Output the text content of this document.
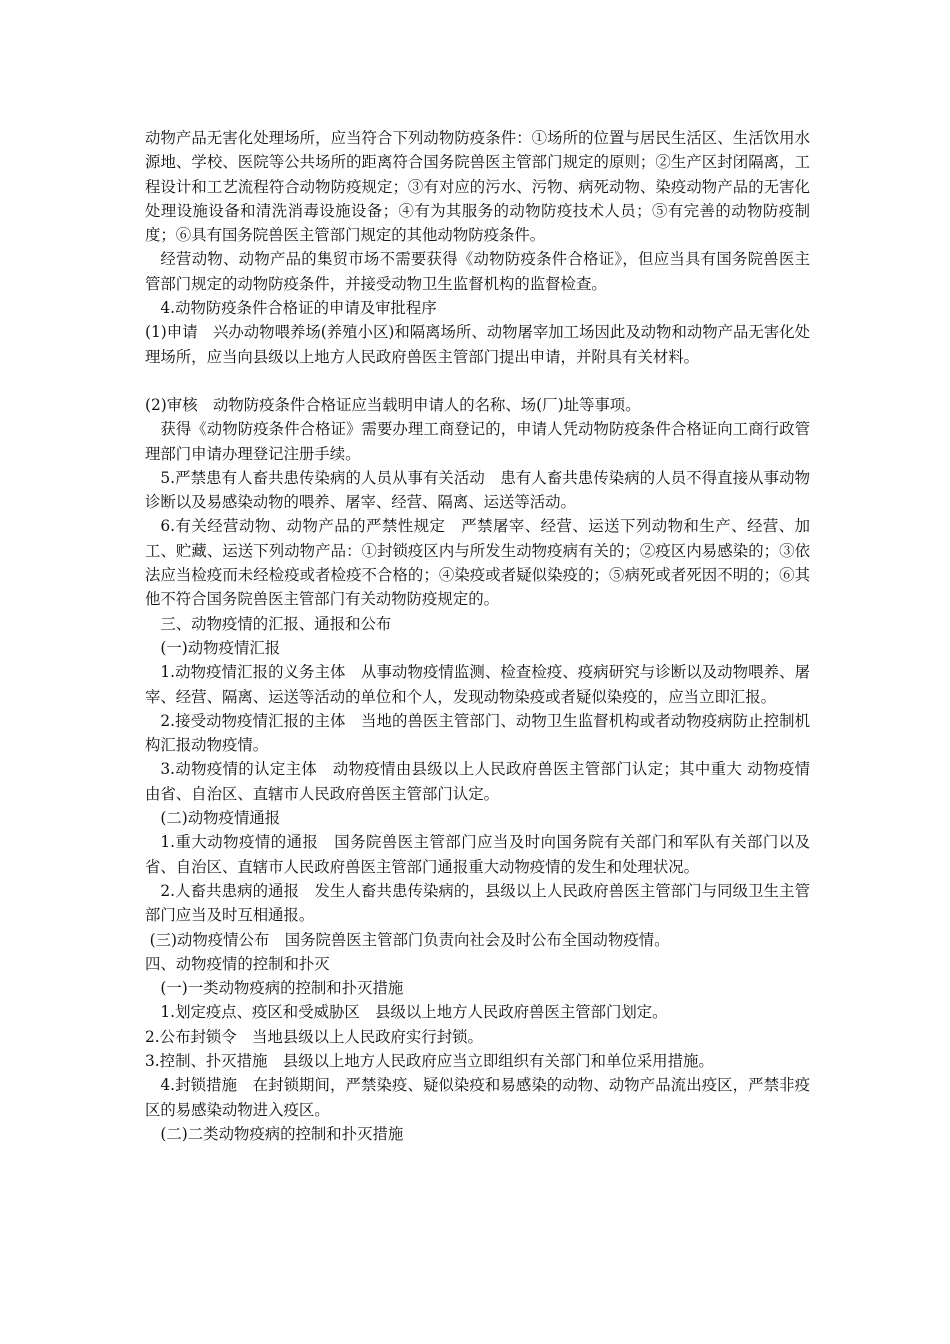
动物产品无害化处理场所，应当符合下列动物防疫条件：①场所的位置与居民生活区、生活饮用水源地、学校、医院等公共场所的距离符合国务院兽医主管部门规定的原则；②生产区封闭隔离，工程设计和工艺流程符合动物防疫规定；③有对应的污水、污物、病死动物、染疫动物产品的无害化处理设施设备和清洗消毒设施设备；④有为其服务的动物防疫技术人员；⑤有完善的动物防疫制度；⑥具有国务院兽医主管部门规定的其他动物防疫条件。

经营动物、动物产品的集贸市场不需要获得《动物防疫条件合格证》，但应当具有国务院兽医主管部门规定的动物防疫条件，并接受动物卫生监督机构的监督检查。

4.动物防疫条件合格证的申请及审批程序

(1)申请　兴办动物喂养场(养殖小区)和隔离场所、动物屠宰加工场因此及动物和动物产品无害化处理场所，应当向县级以上地方人民政府兽医主管部门提出申请，并附具有关材料。

(2)审核　动物防疫条件合格证应当载明申请人的名称、场(厂)址等事项。

获得《动物防疫条件合格证》需要办理工商登记的，申请人凭动物防疫条件合格证向工商行政管理部门申请办理登记注册手续。

5.严禁患有人畜共患传染病的人员从事有关活动　患有人畜共患传染病的人员不得直接从事动物诊断以及易感染动物的喂养、屠宰、经营、隔离、运送等活动。

6.有关经营动物、动物产品的严禁性规定　严禁屠宰、经营、运送下列动物和生产、经营、加工、贮藏、运送下列动物产品：①封锁疫区内与所发生动物疫病有关的；②疫区内易感染的；③依法应当检疫而未经检疫或者检疫不合格的；④染疫或者疑似染疫的；⑤病死或者死因不明的；⑥其他不符合国务院兽医主管部门有关动物防疫规定的。

三、动物疫情的汇报、通报和公布

(一)动物疫情汇报

1.动物疫情汇报的义务主体　从事动物疫情监测、检查检疫、疫病研究与诊断以及动物喂养、屠宰、经营、隔离、运送等活动的单位和个人，发现动物染疫或者疑似染疫的，应当立即汇报。

2.接受动物疫情汇报的主体　当地的兽医主管部门、动物卫生监督机构或者动物疫病防止控制机构汇报动物疫情。

3.动物疫情的认定主体　动物疫情由县级以上人民政府兽医主管部门认定；其中重大 动物疫情由省、自治区、直辖市人民政府兽医主管部门认定。

(二)动物疫情通报

1.重大动物疫情的通报　国务院兽医主管部门应当及时向国务院有关部门和军队有关部门以及省、自治区、直辖市人民政府兽医主管部门通报重大动物疫情的发生和处理状况。

2.人畜共患病的通报　发生人畜共患传染病的，县级以上人民政府兽医主管部门与同级卫生主管部门应当及时互相通报。

(三)动物疫情公布　国务院兽医主管部门负责向社会及时公布全国动物疫情。

四、动物疫情的控制和扑灭

(一)一类动物疫病的控制和扑灭措施

1.划定疫点、疫区和受威胁区　县级以上地方人民政府兽医主管部门划定。

2.公布封锁令　当地县级以上人民政府实行封锁。

3.控制、扑灭措施　县级以上地方人民政府应当立即组织有关部门和单位采用措施。

4.封锁措施　在封锁期间，严禁染疫、疑似染疫和易感染的动物、动物产品流出疫区，严禁非疫区的易感染动物进入疫区。

(二)二类动物疫病的控制和扑灭措施
